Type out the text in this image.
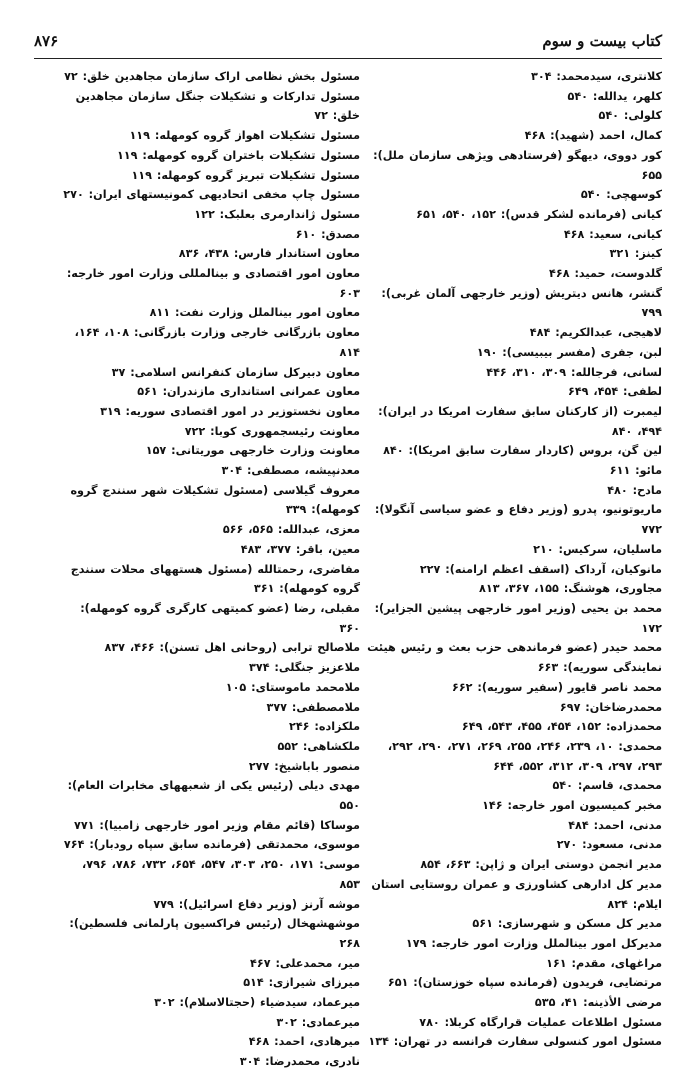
کتاب بیست و سوم
۸۷۶

کلانتری، سیدمحمد: ۳۰۴

کلهر، یدالله: ۵۴۰

کلولی: ۵۴۰

کمال، احمد (شهید): ۴۶۸

کور دووی، دیهگو (فرستادهی ویژهی سازمان ملل): ۶۵۵

کوسهچی: ۵۴۰

کیانی (فرمانده لشکر قدس): ۱۵۲، ۵۴۰، ۶۵۱

کیانی، سعید: ۴۶۸

کینز: ۳۲۱

گلدوست، حمید: ۴۶۸

گنشر، هانس دیتریش (وزیر خارجهی آلمان غربی): ۷۹۹

لاهیجی، عبدالکریم: ۴۸۴

لبن، جفری (مفسر بیبیسی): ۱۹۰

لسانی، فرجالله: ۳۰۹، ۳۱۰، ۴۴۶

لطفی: ۴۵۴، ۶۴۹

لیمبرت (از کارکنان سابق سفارت امریکا در ایران): ۴۹۴، ۸۴۰

لین گن، بروس (کاردار سفارت سابق امریکا): ۸۴۰

مائو: ۶۱۱

مادح: ۴۸۰

ماریوتونیو، پدرو (وزیر دفاع و عضو سیاسی آنگولا): ۷۷۲

ماسلیان، سرکیس: ۲۱۰

مانوکیان، آرداک (اسقف اعظم ارامنه): ۲۲۷

مجاوری، هوشنگ: ۱۵۵، ۳۶۷، ۸۱۳

محمد بن یحیی (وزیر امور خارجهی پیشین الجزایر): ۱۷۲

محمد حیدر (عضو فرماندهی حزب بعث و رئیس هیئت نمایندگی سوریه): ۶۶۳

محمد ناصر قایور (سفیر سوریه): ۶۶۲

محمدرضاخان: ۶۹۷

محمدزاده: ۱۵۲، ۴۵۴، ۴۵۵، ۵۴۳، ۶۴۹

محمدی: ۱۰، ۲۳۹، ۲۴۶، ۲۵۵، ۲۶۹، ۲۷۱، ۲۹۰، ۲۹۲، ۲۹۳، ۲۹۷، ۳۰۹، ۳۱۲، ۵۵۲، ۶۴۴

محمدی، قاسم: ۵۴۰

مخبر کمیسیون امور خارجه: ۱۴۶

مدنی، احمد: ۴۸۴

مدنی، مسعود: ۲۷۰

مدیر انجمن دوستی ایران و ژاپن: ۶۶۳، ۸۵۴

مدیر کل ادارهی کشاورزی و عمران روستایی استان ایلام: ۸۲۴

مدیر کل مسکن و شهرسازی: ۵۶۱

مدیرکل امور بینالملل وزارت امور خارجه: ۱۷۹

مراغهای، مقدم: ۱۶۱

مرتضایی، فریدون (فرمانده سپاه خوزستان): ۶۵۱

مرضی الأذینه: ۴۱، ۵۳۵

مسئول اطلاعات عملیات قرارگاه کربلا: ۷۸۰

مسئول امور کنسولی سفارت فرانسه در تهران: ۱۳۴

مسئول بخش نظامی اراک سازمان مجاهدین خلق: ۷۲

مسئول تدارکات و تشکیلات جنگل سازمان مجاهدین خلق: ۷۲

مسئول تشکیلات اهواز گروه کومهله: ۱۱۹

مسئول تشکیلات باختران گروه کومهله: ۱۱۹

مسئول تشکیلات تبریز گروه کومهله: ۱۱۹

مسئول چاپ مخفی اتحادیهی کمونیستهای ایران: ۲۷۰

مسئول ژاندارمری بعلبک: ۱۲۲

مصدق: ۶۱۰

معاون استاندار فارس: ۴۳۸، ۸۳۶

معاون امور اقتصادی و بینالمللی وزارت امور خارجه: ۶۰۳

معاون امور بینالملل وزارت نفت: ۸۱۱

معاون بازرگانی خارجی وزارت بازرگانی: ۱۰۸، ۱۶۴، ۸۱۴

معاون دبیرکل سازمان کنفرانس اسلامی: ۳۷

معاون عمرانی استانداری مازندران: ۵۶۱

معاون نخستوزیر در امور اقتصادی سوریه: ۳۱۹

معاونت رئیسجمهوری کوبا: ۷۲۲

معاونت وزارت خارجهی موریتانی: ۱۵۷

معدنپیشه، مصطفی: ۳۰۴

معروف گیلاسی (مسئول تشکیلات شهر سنندج گروه کومهله): ۳۳۹

معزی، عبدالله: ۵۶۵، ۵۶۶

معین، باقر: ۳۷۷، ۴۸۳

مفاضری، رحمتالله (مسئول هستههای محلات سنندج گروه کومهله): ۳۶۱

مقبلی، رضا (عضو کمیتهی کارگری گروه کومهله): ۳۶۰

ملاصالح ترابی (روحانی اهل تسنن): ۴۶۶، ۸۳۷

ملاعزیز جنگلی: ۳۷۴

ملامحمد ماموستای: ۱۰۵

ملامصطفی: ۳۷۷

ملکزاده: ۲۴۶

ملکشاهی: ۵۵۲

منصور باباشیخ: ۲۷۷

مهدی دیلی (رئیس یکی از شعبههای مخابرات العام): ۵۵۰

موساکا (قائم مقام وزیر امور خارجهی زامبیا): ۷۷۱

موسوی، محمدتقی (فرمانده سابق سپاه رودبار): ۷۶۴

موسی: ۱۷۱، ۲۵۰، ۳۰۳، ۵۴۷، ۶۵۴، ۷۳۲، ۷۸۶، ۷۹۶، ۸۵۳

موشه آرنز (وزیر دفاع اسرائیل): ۷۷۹

موشهشهخال (رئیس فراکسیون پارلمانی فلسطین): ۲۶۸

میر، محمدعلی: ۴۶۷

میرزای شیرازی: ۵۱۴

میرعماد، سیدضیاء (حجتالاسلام): ۳۰۲

میرعمادی: ۳۰۲

میرهادی، احمد: ۴۶۸

نادری، محمدرضا: ۳۰۴
